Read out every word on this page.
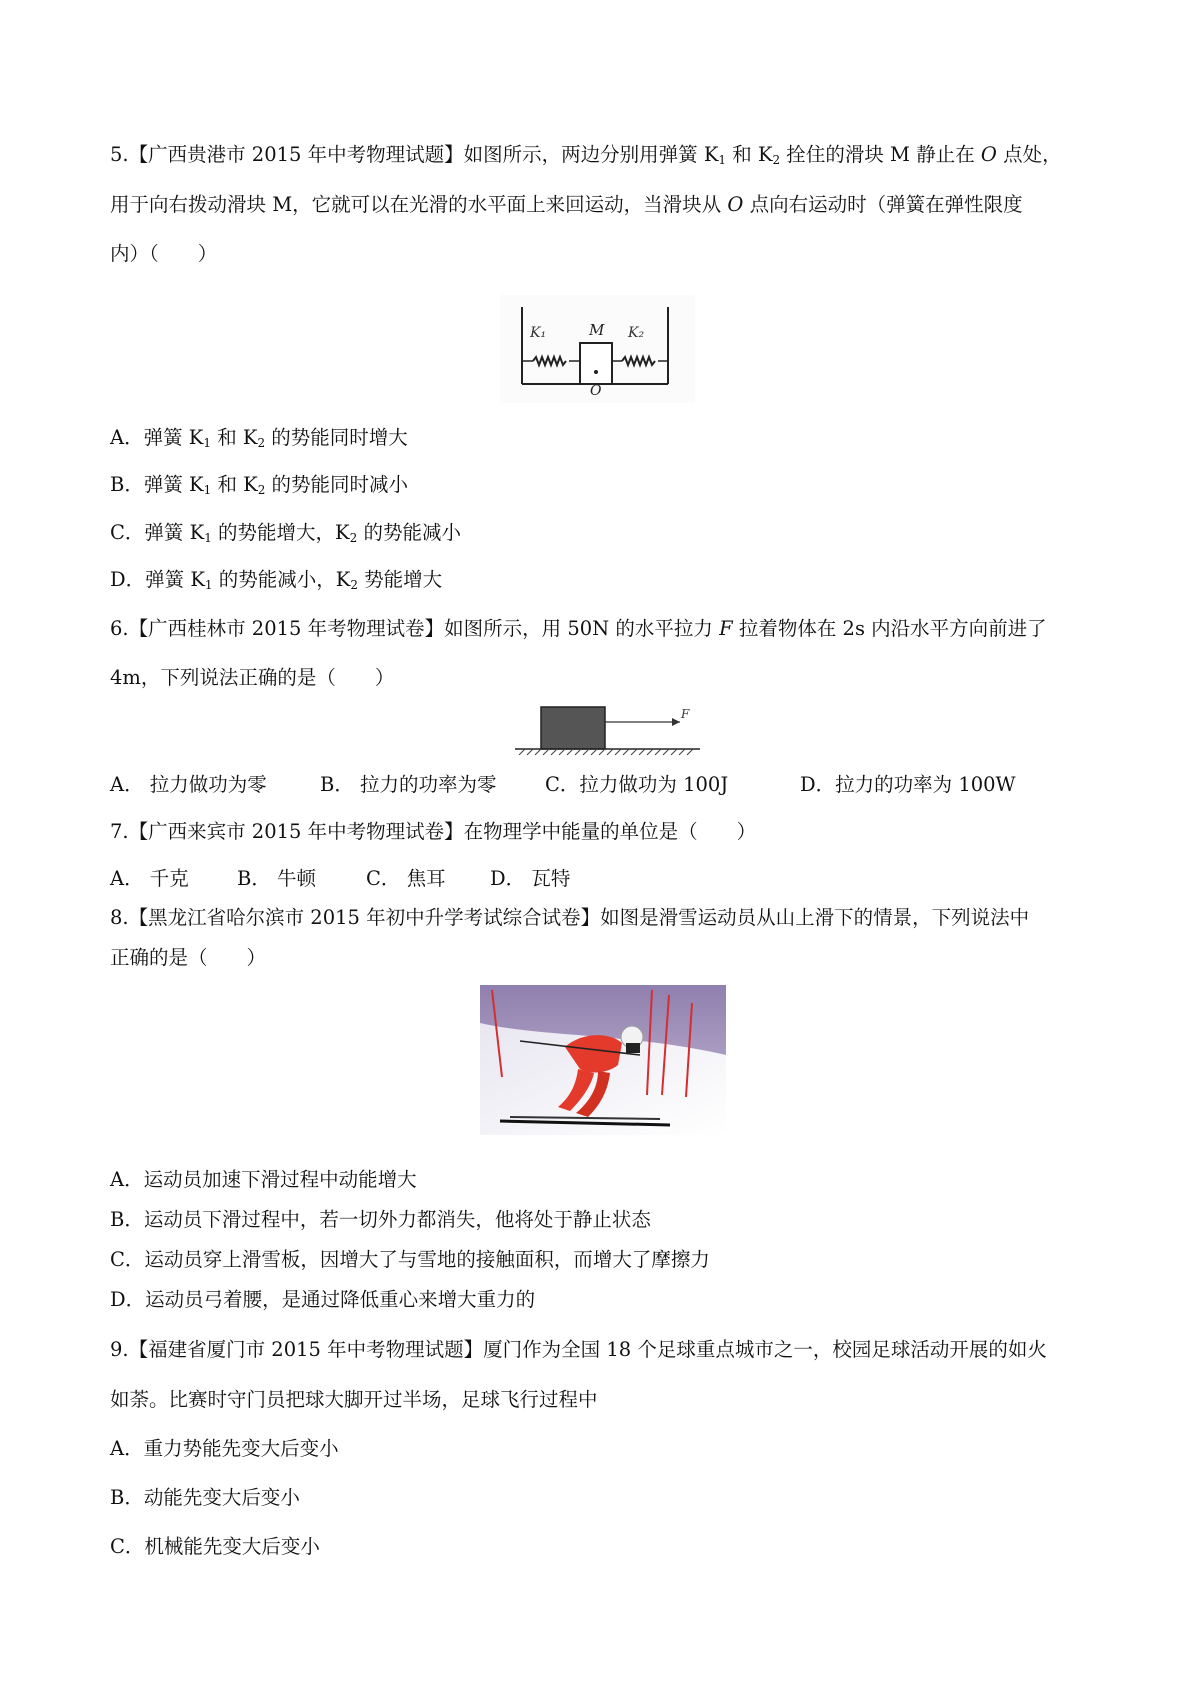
5.【广西贵港市 2015 年中考物理试题】如图所示，两边分别用弹簧 $K_1$ 和 $K_2$ 拴住的滑块 M 静止在 O 点处，
用于向右拨动滑块 M，它就可以在光滑的水平面上来回运动，当滑块从 O 点向右运动时（弹簧在弹性限度
内）（　　）
K₁	M K₂
O
A．弹簧 $K_1$ 和 $K_2$ 的势能同时增大
B．弹簧 $K_1$ 和 $K_2$ 的势能同时减小
C．弹簧 $K_1$ 的势能增大，$K_2$ 的势能减小
D．弹簧 $K_1$ 的势能减小，$K_2$ 势能增大
6.【广西桂林市 2015 年考物理试卷】如图所示，用 50N 的水平拉力 F 拉着物体在 2s 内沿水平方向前进了
4m，下列说法正确的是（　　）
F
A． 拉力做功为零	B． 拉力的功率为零 C．拉力做功为 100J	D．拉力的功率为 100W
7.【广西来宾市 2015 年中考物理试卷】在物理学中能量的单位是（　　）
A． 千克 B． 牛顿	C． 焦耳 D． 瓦特
8.【黑龙江省哈尔滨市 2015 年初中升学考试综合试卷】如图是滑雪运动员从山上滑下的情景，下列说法中
正确的是（　　）
A．运动员加速下滑过程中动能增大
B．运动员下滑过程中，若一切外力都消失，他将处于静止状态
C．运动员穿上滑雪板，因增大了与雪地的接触面积，而增大了摩擦力
D．运动员弓着腰，是通过降低重心来增大重力的
9.【福建省厦门市 2015 年中考物理试题】厦门作为全国 18 个足球重点城市之一，校园足球活动开展的如火
如荼。比赛时守门员把球大脚开过半场，足球飞行过程中
A．重力势能先变大后变小
B．动能先变大后变小
C．机械能先变大后变小
